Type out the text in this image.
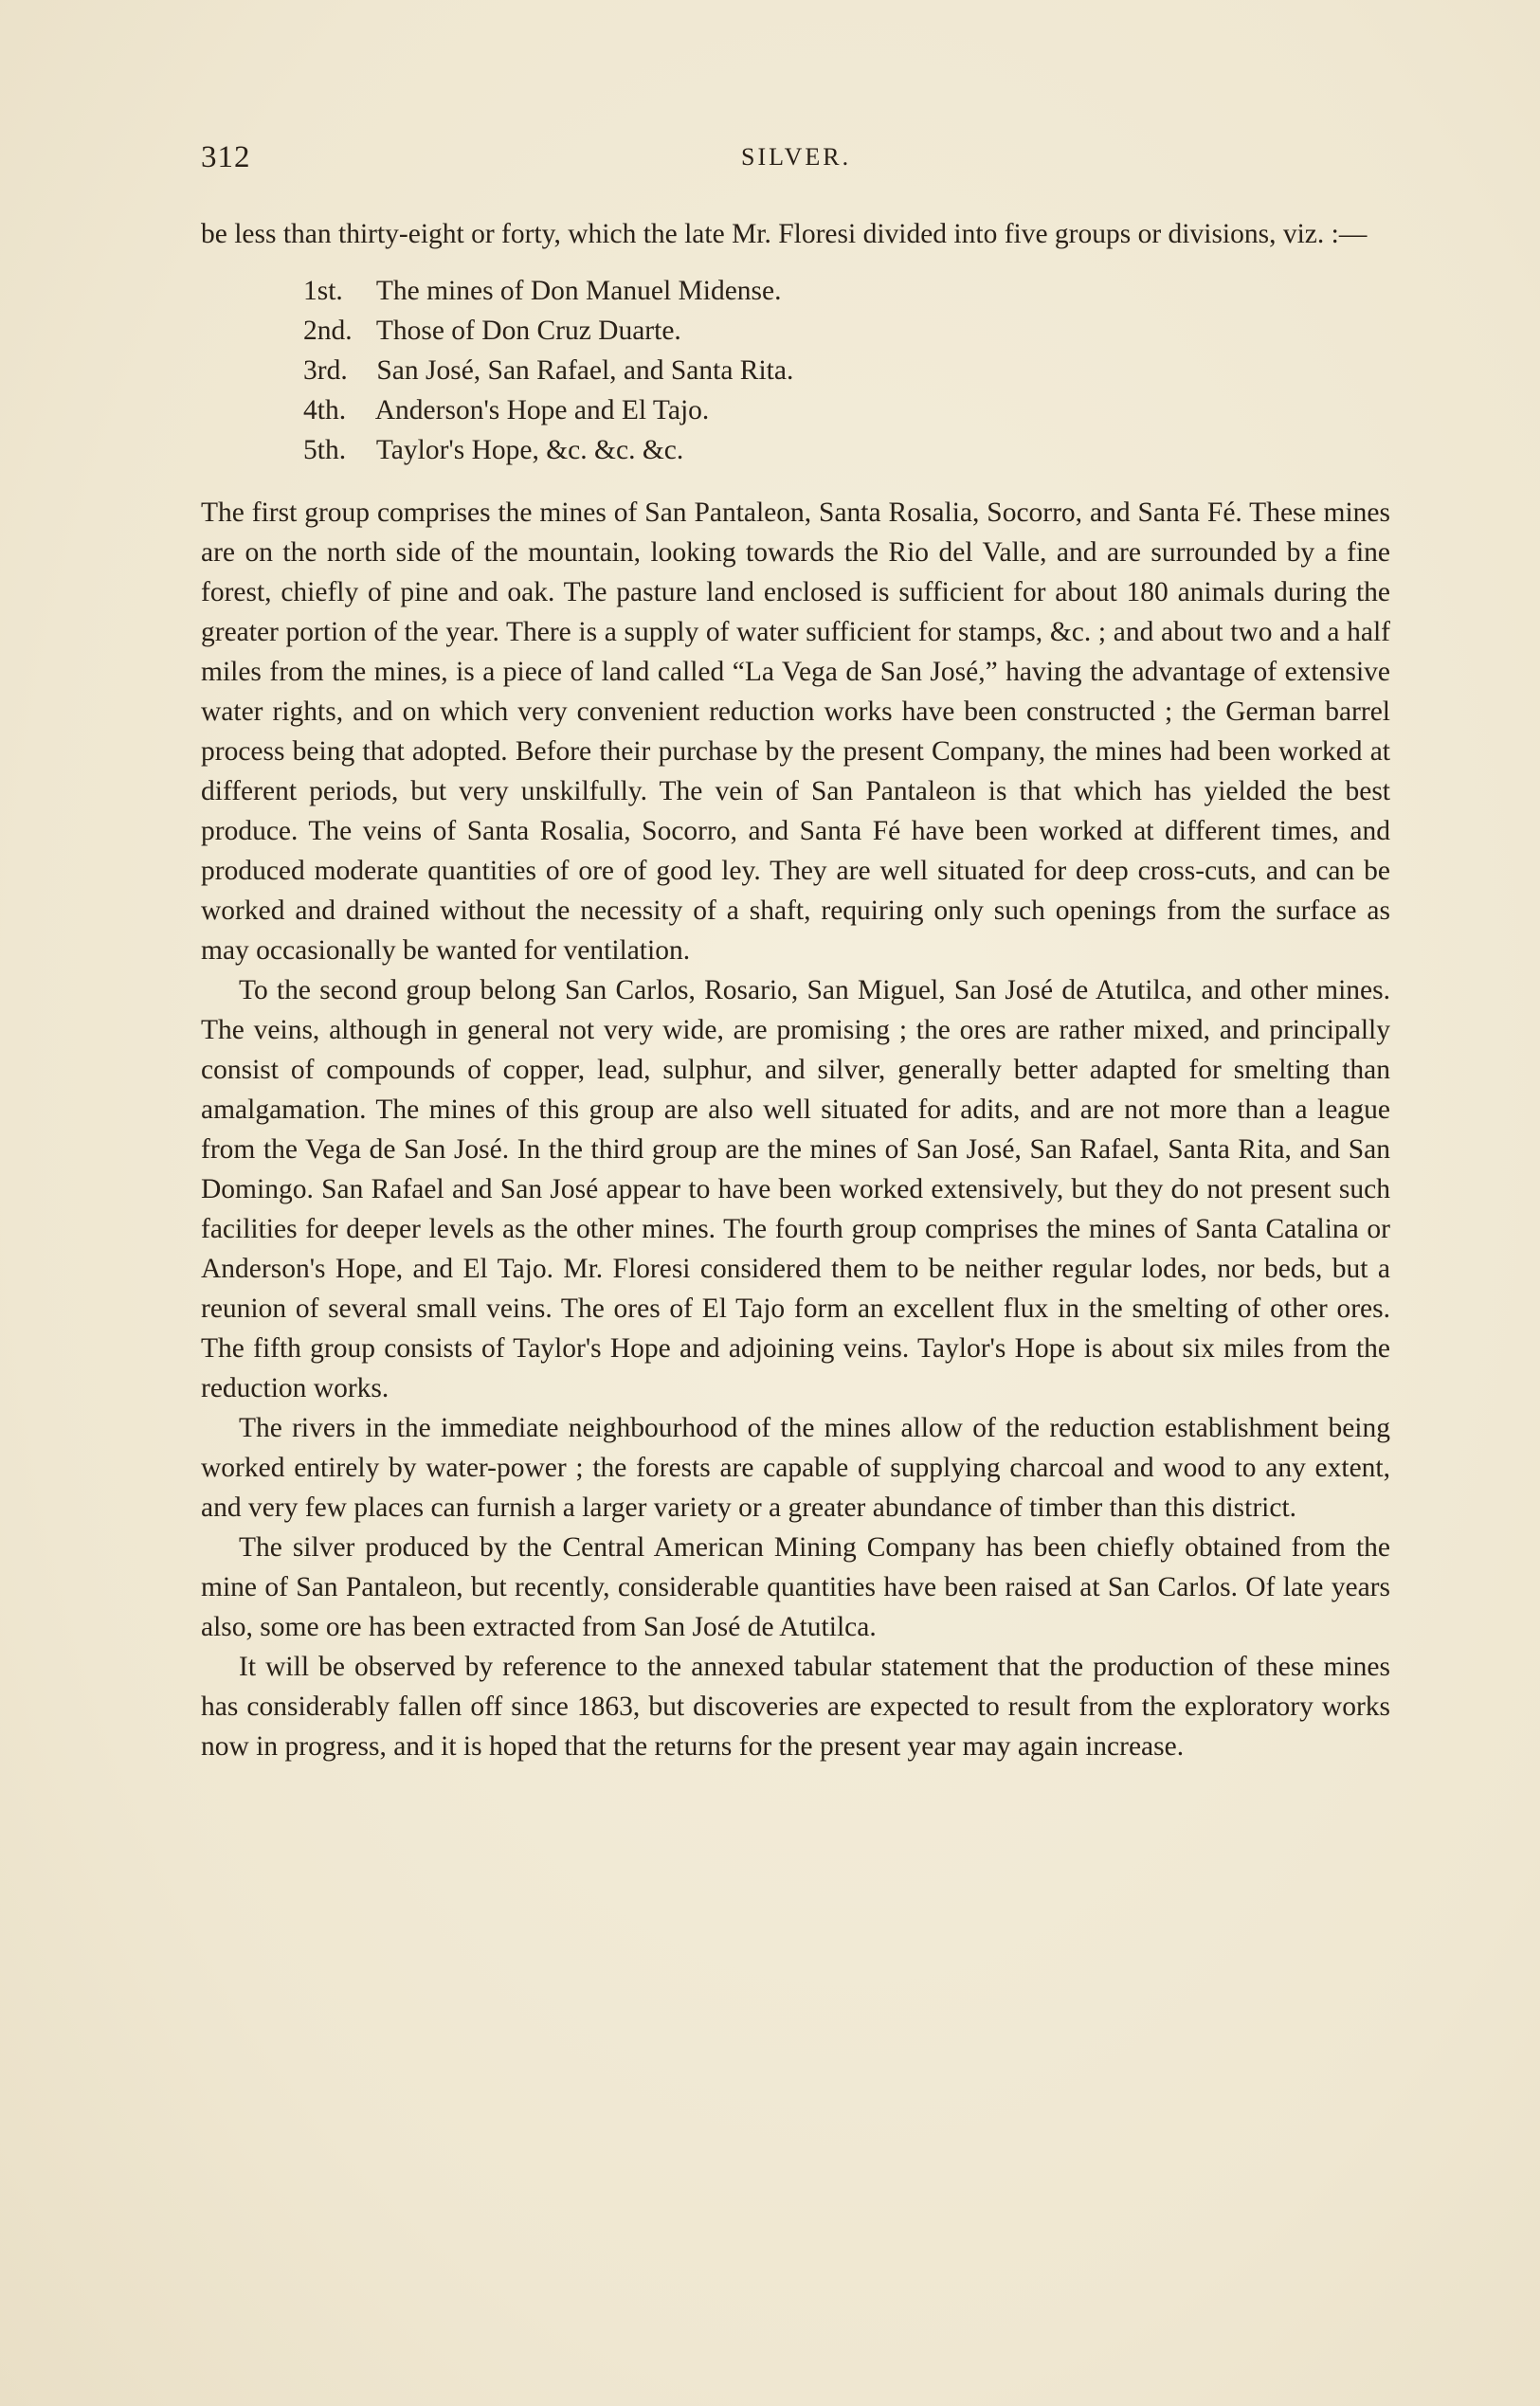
312	SILVER.

be less than thirty-eight or forty, which the late Mr. Floresi divided into five groups or divisions, viz. :—

1st. The mines of Don Manuel Midense.
2nd. Those of Don Cruz Duarte.
3rd. San José, San Rafael, and Santa Rita.
4th. Anderson's Hope and El Tajo.
5th. Taylor's Hope, &c. &c. &c.

The first group comprises the mines of San Pantaleon, Santa Rosalia, Socorro, and Santa Fé. These mines are on the north side of the mountain, looking towards the Rio del Valle, and are surrounded by a fine forest, chiefly of pine and oak. The pasture land enclosed is sufficient for about 180 animals during the greater portion of the year. There is a supply of water sufficient for stamps, &c. ; and about two and a half miles from the mines, is a piece of land called “La Vega de San José,” having the advantage of extensive water rights, and on which very convenient reduction works have been constructed ; the German barrel process being that adopted. Before their purchase by the present Company, the mines had been worked at different periods, but very unskilfully. The vein of San Pantaleon is that which has yielded the best produce. The veins of Santa Rosalia, Socorro, and Santa Fé have been worked at different times, and produced moderate quantities of ore of good ley. They are well situated for deep cross-cuts, and can be worked and drained without the necessity of a shaft, requiring only such openings from the surface as may occasionally be wanted for ventilation.

To the second group belong San Carlos, Rosario, San Miguel, San José de Atutilca, and other mines. The veins, although in general not very wide, are promising ; the ores are rather mixed, and principally consist of compounds of copper, lead, sulphur, and silver, generally better adapted for smelting than amalgamation. The mines of this group are also well situated for adits, and are not more than a league from the Vega de San José. In the third group are the mines of San José, San Rafael, Santa Rita, and San Domingo. San Rafael and San José appear to have been worked extensively, but they do not present such facilities for deeper levels as the other mines. The fourth group comprises the mines of Santa Catalina or Anderson's Hope, and El Tajo. Mr. Floresi considered them to be neither regular lodes, nor beds, but a reunion of several small veins. The ores of El Tajo form an excellent flux in the smelting of other ores. The fifth group consists of Taylor's Hope and adjoining veins. Taylor's Hope is about six miles from the reduction works.

The rivers in the immediate neighbourhood of the mines allow of the reduction establishment being worked entirely by water-power ; the forests are capable of supplying charcoal and wood to any extent, and very few places can furnish a larger variety or a greater abundance of timber than this district.

The silver produced by the Central American Mining Company has been chiefly obtained from the mine of San Pantaleon, but recently, considerable quantities have been raised at San Carlos. Of late years also, some ore has been extracted from San José de Atutilca.

It will be observed by reference to the annexed tabular statement that the production of these mines has considerably fallen off since 1863, but discoveries are expected to result from the exploratory works now in progress, and it is hoped that the returns for the present year may again increase.
